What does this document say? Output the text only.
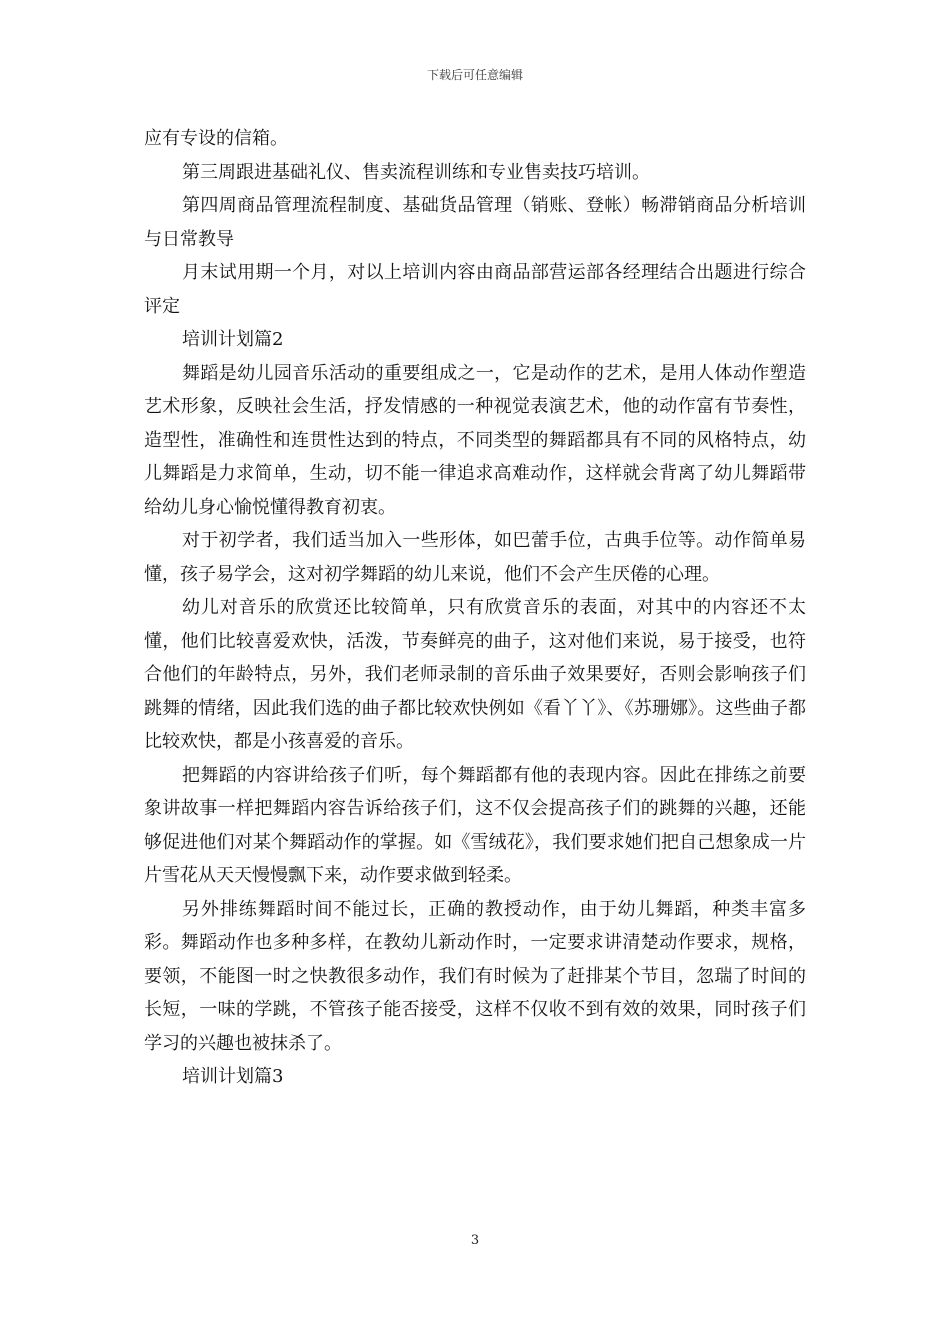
下载后可任意编辑

应有专设的信箱。

第三周跟进基础礼仪、售卖流程训练和专业售卖技巧培训。

第四周商品管理流程制度、基础货品管理（销账、登帐）畅滞销商品分析培训与日常教导

月末试用期一个月，对以上培训内容由商品部营运部各经理结合出题进行综合评定

培训计划篇2

舞蹈是幼儿园音乐活动的重要组成之一，它是动作的艺术，是用人体动作塑造艺术形象，反映社会生活，抒发情感的一种视觉表演艺术，他的动作富有节奏性，造型性，准确性和连贯性达到的特点，不同类型的舞蹈都具有不同的风格特点，幼儿舞蹈是力求简单，生动，切不能一律追求高难动作，这样就会背离了幼儿舞蹈带给幼儿身心愉悦懂得教育初衷。

对于初学者，我们适当加入一些形体，如巴蕾手位，古典手位等。动作简单易懂，孩子易学会，这对初学舞蹈的幼儿来说，他们不会产生厌倦的心理。

幼儿对音乐的欣赏还比较简单，只有欣赏音乐的表面，对其中的内容还不太懂，他们比较喜爱欢快，活泼，节奏鲜亮的曲子，这对他们来说，易于接受，也符合他们的年龄特点，另外，我们老师录制的音乐曲子效果要好，否则会影响孩子们跳舞的情绪，因此我们选的曲子都比较欢快例如《看丫丫》、《苏珊娜》。这些曲子都比较欢快，都是小孩喜爱的音乐。

把舞蹈的内容讲给孩子们听，每个舞蹈都有他的表现内容。因此在排练之前要象讲故事一样把舞蹈内容告诉给孩子们，这不仅会提高孩子们的跳舞的兴趣，还能够促进他们对某个舞蹈动作的掌握。如《雪绒花》，我们要求她们把自己想象成一片片雪花从天天慢慢飘下来，动作要求做到轻柔。

另外排练舞蹈时间不能过长，正确的教授动作，由于幼儿舞蹈，种类丰富多彩。舞蹈动作也多种多样，在教幼儿新动作时，一定要求讲清楚动作要求，规格，要领，不能图一时之快教很多动作，我们有时候为了赶排某个节目，忽瑞了时间的长短，一味的学跳，不管孩子能否接受，这样不仅收不到有效的效果，同时孩子们学习的兴趣也被抹杀了。

培训计划篇3

3
